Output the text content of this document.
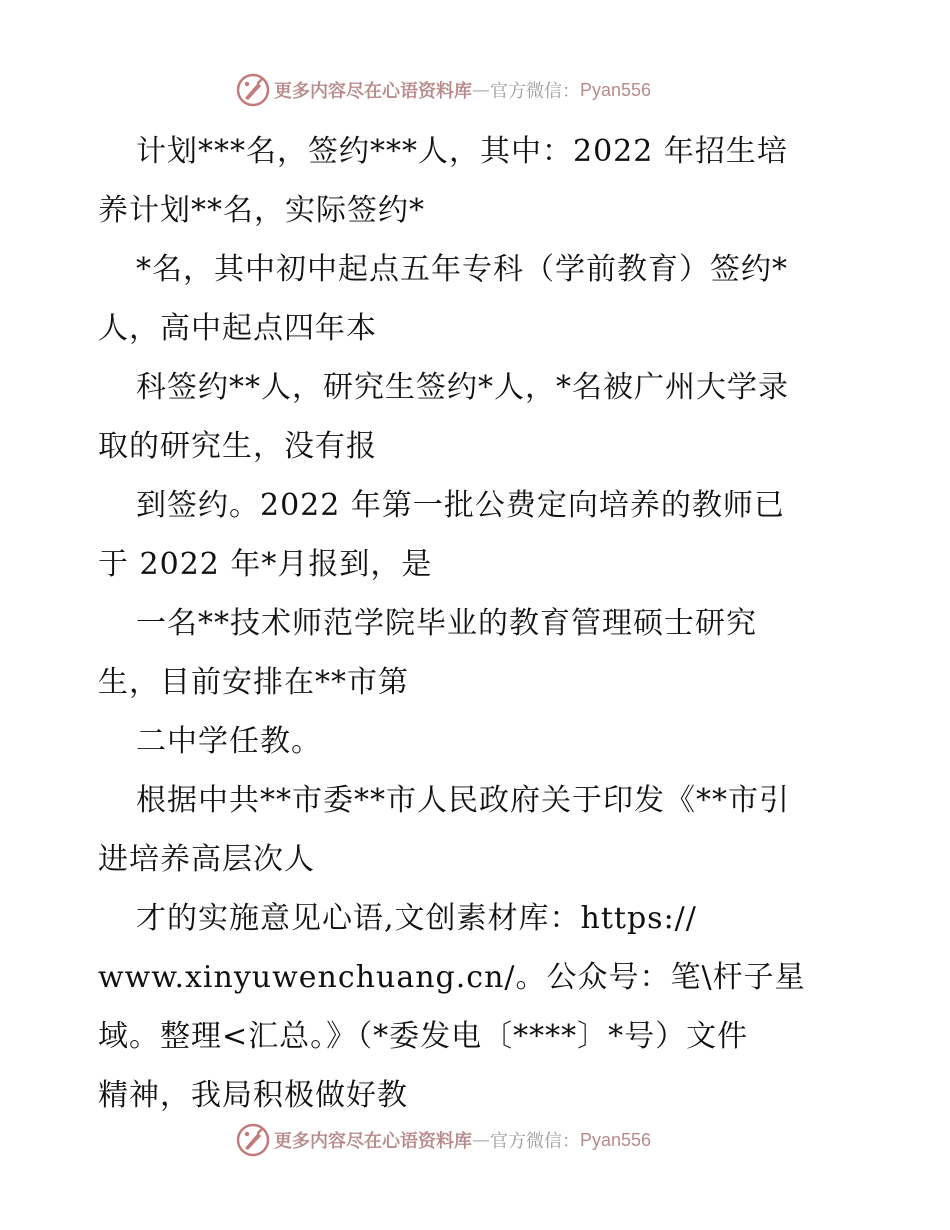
更多内容尽在心语资料库 — 官方微信： Pyan556
计划***名，签约***人，其中：2022 年招生培
养计划**名，实际签约*
*名，其中初中起点五年专科（学前教育）签约*
人，高中起点四年本
科签约**人，研究生签约*人，*名被广州大学录
取的研究生，没有报
到签约。2022 年第一批公费定向培养的教师已
于 2022 年*月报到，是
一名**技术师范学院毕业的教育管理硕士研究
生，目前安排在**市第
二中学任教。
根据中共**市委**市人民政府关于印发《**市引
进培养高层次人
才的实施意见心语,文创素材库：https://
www.xinyuwenchuang.cn/。公众号：笔\杆子星
域。整理<汇总。》（*委发电〔****〕*号）文件
精神，我局积极做好教
更多内容尽在心语资料库 — 官方微信： Pyan556
